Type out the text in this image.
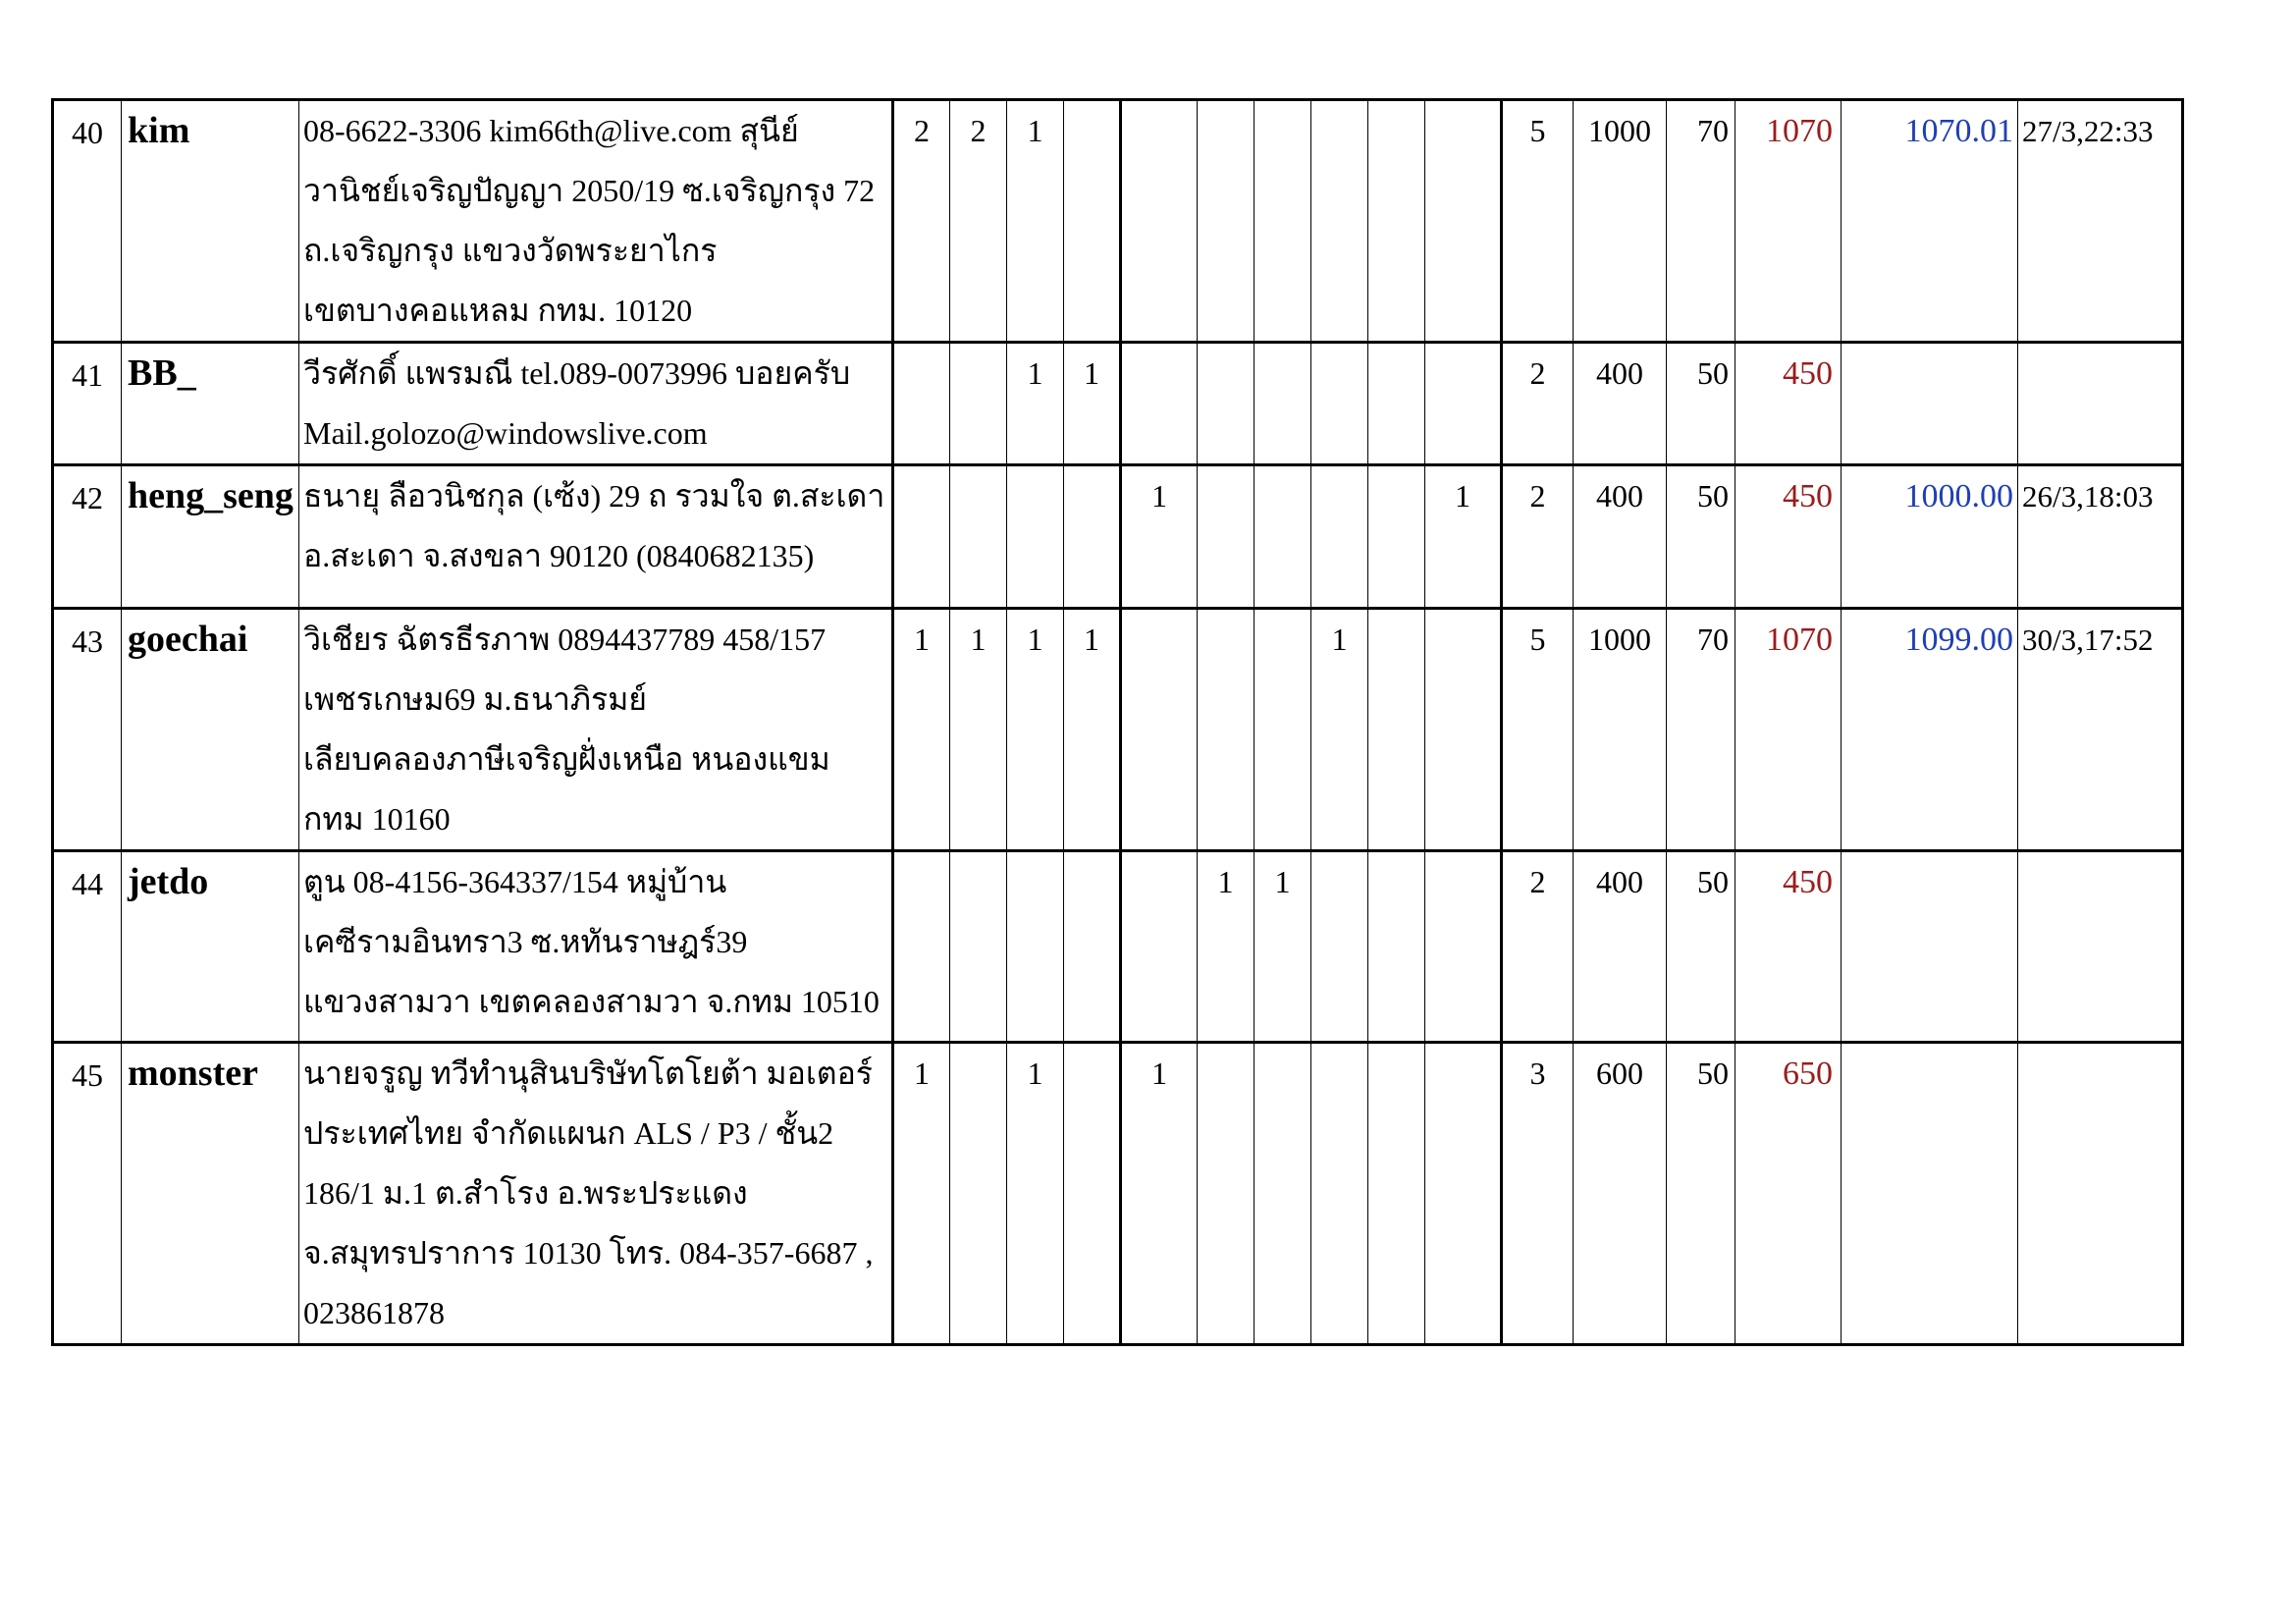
40	kim	08-6622-3306 kim66th@live.com สุนีย์
วานิชย์เจริญปัญญา 2050/19 ซ.เจริญกรุง 72
ถ.เจริญกรุง แขวงวัดพระยาไกร
เขตบางคอแหลม กทม. 10120	2	2	1								5	1000	70	1070	1070.01	27/3,22:33
41	BB_	วีรศักดิ์ แพรมณี tel.089-0073996 บอยครับ
Mail.golozo@windowslive.com			1	1							2	400	50	450		
42	heng_seng	ธนายุ ลือวนิชกุล (เซ้ง) 29 ถ รวมใจ ต.สะเดา
อ.สะเดา จ.สงขลา 90120 (0840682135)					1					1	2	400	50	450	1000.00	26/3,18:03
43	goechai	วิเชียร ฉัตรธีรภาพ 0894437789 458/157
เพชรเกษม69 ม.ธนาภิรมย์
เลียบคลองภาษีเจริญฝั่งเหนือ หนองแขม
กทม 10160	1	1	1	1				1			5	1000	70	1070	1099.00	30/3,17:52
44	jetdo	ตูน 08-4156-364337/154 หมู่บ้าน
เคซีรามอินทรา3 ซ.หทันราษฎร์39
แขวงสามวา เขตคลองสามวา จ.กทม 10510						1	1				2	400	50	450		
45	monster	นายจรูญ ทวีทำนุสินบริษัทโตโยต้า มอเตอร์
ประเทศไทย จำกัดแผนก ALS / P3 / ชั้น2
186/1 ม.1 ต.สำโรง อ.พระประแดง
จ.สมุทรปราการ 10130 โทร. 084-357-6687 ,
023861878	1		1		1						3	600	50	650		
